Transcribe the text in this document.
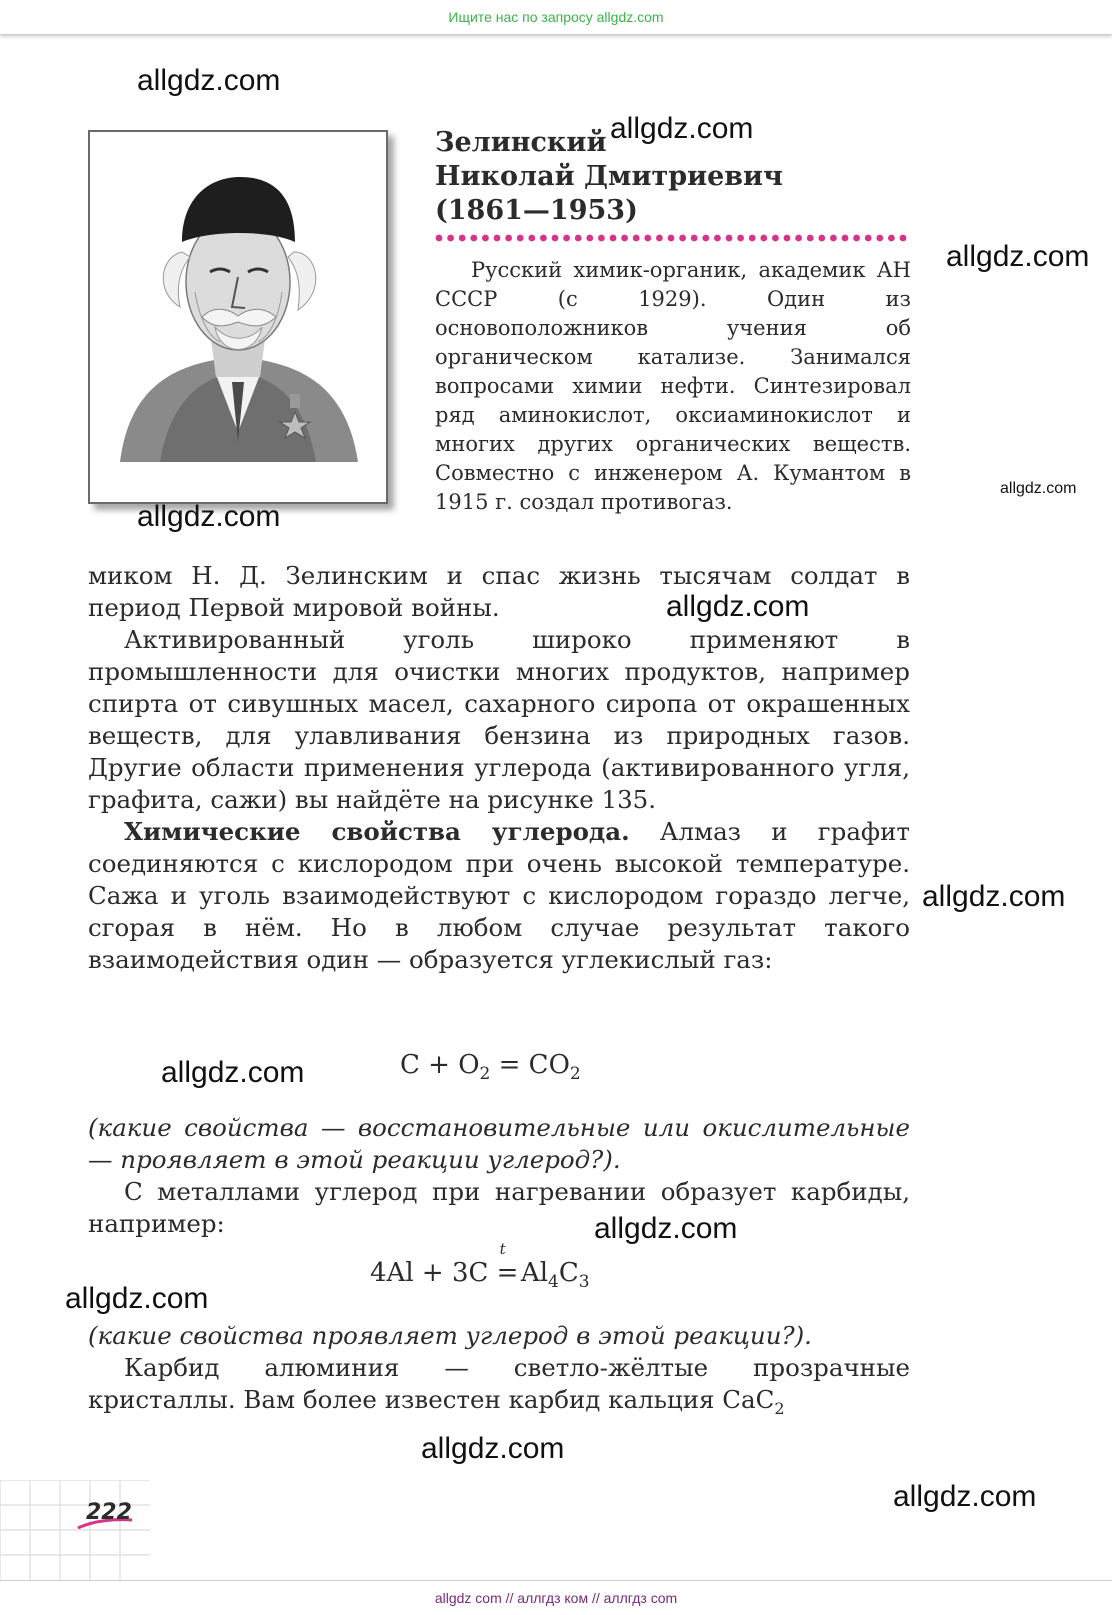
Ищите нас по запросу allgdz.com
Зелинский
Николай Дмитриевич
(1861—1953)

Русский химик-органик, академик АН СССР (с 1929). Один из основоположников учения об органическом катализе. Занимался вопросами химии нефти. Синтезировал ряд аминокислот, оксиаминокислот и многих других органических веществ. Совместно с инженером А. Кумантом в 1915 г. создал противогаз.

миком Н. Д. Зелинским и спас жизнь тысячам солдат в период Первой мировой войны.

Активированный уголь широко применяют в промышленности для очистки многих продуктов, например спирта от сивушных масел, сахарного сиропа от окрашенных веществ, для улавливания бензина из природных газов. Другие области применения углерода (активированного угля, графита, сажи) вы найдёте на рисунке 135.

Химические свойства углерода. Алмаз и графит соединяются с кислородом при очень высокой температуре. Сажа и уголь взаимодействуют с кислородом гораздо легче, сгорая в нём. Но в любом случае результат такого взаимодействия один — образуется углекислый газ:

$C + O_2 = CO_2$

(какие свойства — восстановительные или окислительные — проявляет в этой реакции углерод?).

С металлами углерод при нагревании образует карбиды, например:

4Al + 3C
t
= $Al_4C_3$

(какие свойства проявляет углерод в этой реакции?).

Карбид алюминия — светло-жёлтые прозрачные кристаллы. Вам более известен карбид кальция CaC$_2$

222
allgdz.com
allgdz.com
allgdz.com
allgdz.com
allgdz.com
allgdz.com
allgdz.com
allgdz.com
allgdz.com
allgdz.com
allgdz.com
allgdz.com
allgdz com // аллгдз ком // аллгдз com
